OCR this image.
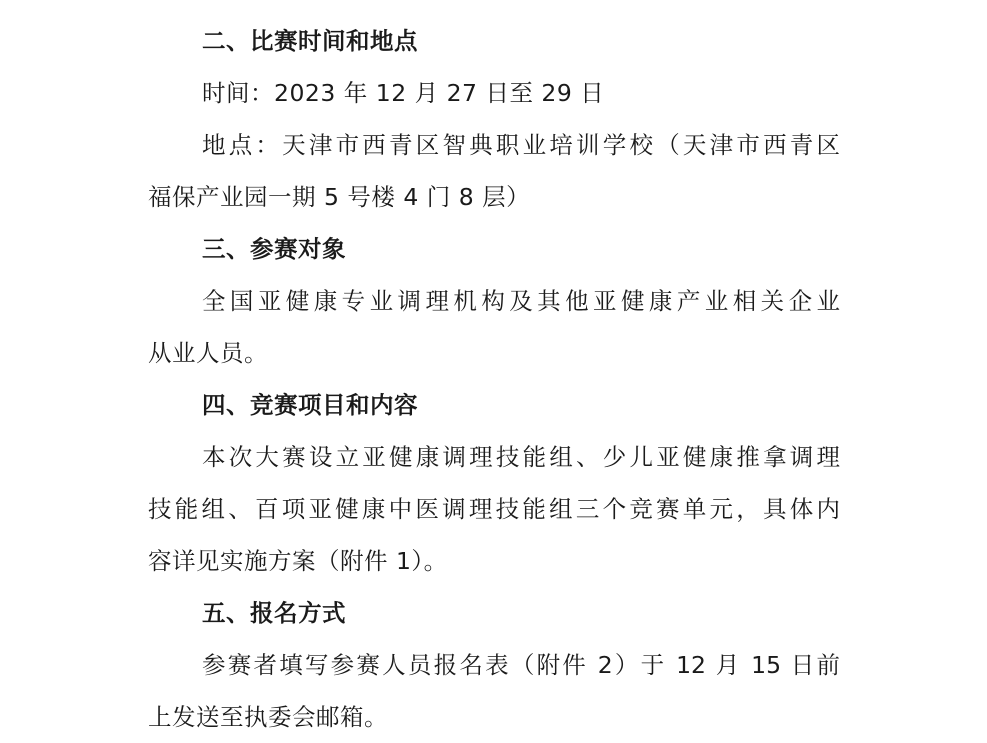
二、比赛时间和地点
时间：2023 年 12 月 27 日至 29 日
地点：天津市西青区智典职业培训学校（天津市西青区
福保产业园一期 5 号楼 4 门 8 层）
三、参赛对象
全国亚健康专业调理机构及其他亚健康产业相关企业
从业人员。
四、竞赛项目和内容
本次大赛设立亚健康调理技能组、少儿亚健康推拿调理
技能组、百项亚健康中医调理技能组三个竞赛单元，具体内
容详见实施方案（附件 1）。
五、报名方式
参赛者填写参赛人员报名表（附件 2）于 12 月 15 日前
上发送至执委会邮箱。
